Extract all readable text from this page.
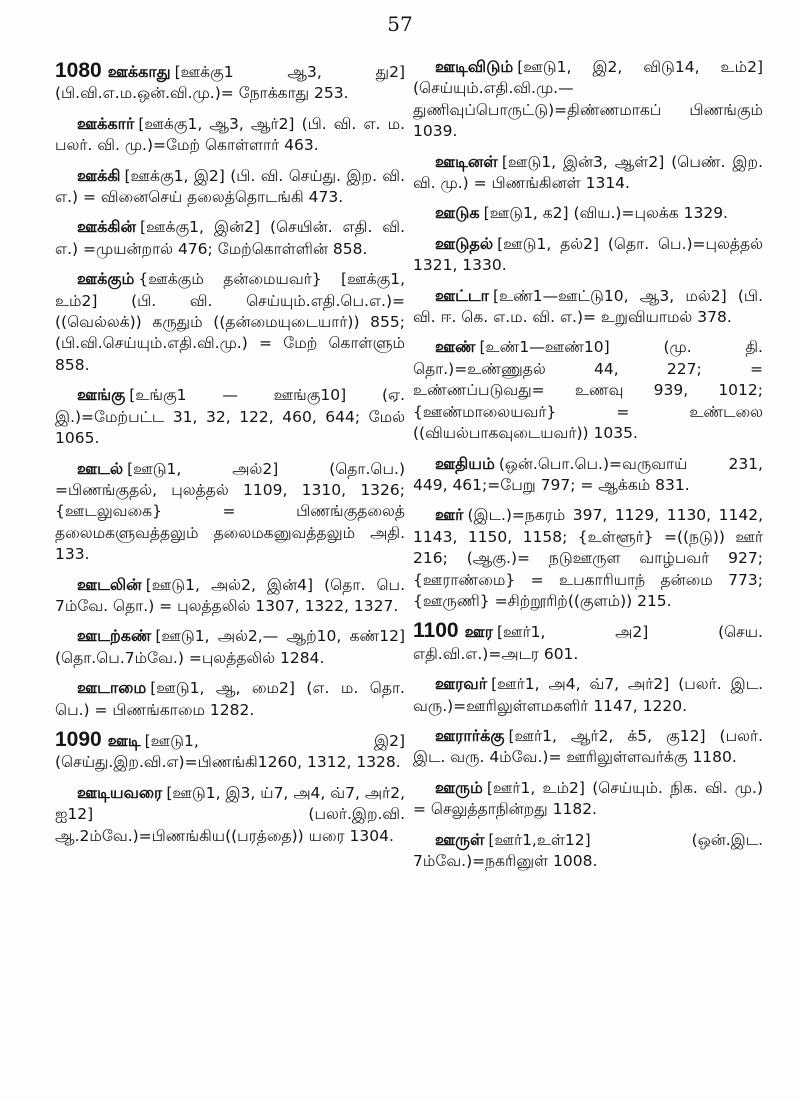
57

1080 ஊக்காது [ஊக்கு1 ஆ3, து2] (பி.வி.எ.ம.ஒன்.வி.மு.)= நோக்காது 253.

ஊக்கார் [ஊக்கு1, ஆ3, ஆர்2] (பி. வி. எ. ம. பலர். வி. மு.)=மேற் கொள்ளார் 463.

ஊக்கி [ஊக்கு1, இ2] (பி. வி. செய்து. இற. வி. எ.) = வினைசெய் தலைத்தொடங்கி 473.

ஊக்கின் [ஊக்கு1, இன்2] (செயின். எதி. வி. எ.) =முயன்றால் 476; மேற்கொள்ளின் 858.

ஊக்கும் {ஊக்கும் தன்மையவர்} [ஊக்கு1, உம்2] (பி. வி. செய்யும்.எதி.பெ.எ.)=((வெல்லக்)) கருதும் ((தன்மையுடையார்)) 855; (பி.வி.செய்யும்.எதி.வி.மு.) = மேற் கொள்ளும் 858.

ஊங்கு [உங்கு1 — ஊங்கு10] (ஏ. இ.)=மேற்பட்ட 31, 32, 122, 460, 644; மேல் 1065.

ஊடல் [ஊடு1, அல்2] (தொ.பெ.) =பிணங்குதல், புலத்தல் 1109, 1310, 1326; {ஊடலுவகை} = பிணங்குதலைத் தலைமகளுவத்தலும் தலைமகனுவத்தலும் அதி. 133.

ஊடலின் [ஊடு1, அல்2, இன்4] (தொ. பெ. 7ம்வே. தொ.) = புலத்தலில் 1307, 1322, 1327.

ஊடற்கண் [ஊடு1, அல்2,— ஆற்10, கண்12] (தொ.பெ.7ம்வே.) =புலத்தலில் 1284.

ஊடாமை [ஊடு1, ஆ, மை2] (எ. ம. தொ. பெ.) = பிணங்காமை 1282.

1090 ஊடி [ஊடு1, இ2] (செய்து.இற.வி.எ)=பிணங்கி1260, 1312, 1328.

ஊடியவரை [ஊடு1, இ3, ய்7, அ4, வ்7, அர்2, ஐ12] (பலர்.இற.வி. ஆ.2ம்வே.)=பிணங்கிய((பரத்தை)) யரை 1304.

ஊடிவிடும் [ஊடு1, இ2, விடு14, உம்2] (செய்யும்.எதி.வி.மு.—துணிவுப்பொருட்டு)=திண்ணமாகப் பிணங்கும் 1039.

ஊடினள் [ஊடு1, இன்3, ஆள்2] (பெண். இற. வி. மு.) = பிணங்கினள் 1314.

ஊடுக [ஊடு1, க2] (விய.)=புலக்க 1329.

ஊடுதல் [ஊடு1, தல்2] (தொ. பெ.)=புலத்தல் 1321, 1330.

ஊட்டா [உண்1—ஊட்டு10, ஆ3, மல்2] (பி. வி. ஈ. கெ. எ.ம. வி. எ.)= உறுவியாமல் 378.

ஊண் [உண்1—ஊண்10] (மு. தி. தொ.)=உண்ணுதல் 44, 227; = உண்ணப்படுவது= உணவு 939, 1012; {ஊண்மாலையவர்} = உண்டலை ((வியல்பாகவுடையவர்)) 1035.

ஊதியம் (ஒன்.பொ.பெ.)=வருவாய் 231, 449, 461;=பேறு 797; = ஆக்கம் 831.

ஊர் (இட.)=நகரம் 397, 1129, 1130, 1142, 1143, 1150, 1158; {உள்ளூர்} =((நடு)) ஊர் 216; (ஆகு.)= நடுஊருள வாழ்பவர் 927; {ஊராண்மை} = உபகாரியாந் தன்மை 773; {ஊருணி} =சிற்றூரிற்((குளம்)) 215.

1100 ஊர [ஊர்1, அ2] (செய. எதி.வி.எ.)=அடர 601.

ஊரவர் [ஊர்1, அ4, வ்7, அர்2] (பலர். இட. வரு.)=ஊரிலுள்ளமகளிர் 1147, 1220.

ஊரார்க்கு [ஊர்1, ஆர்2, க்5, கு12] (பலர். இட. வரு. 4ம்வே.)= ஊரிலுள்ளவர்க்கு 1180.

ஊரும் [ஊர்1, உம்2] (செய்யும். நிக. வி. மு.) = செலுத்தாநின்றது 1182.

ஊருள் [ஊர்1,உள்12] (ஒன்.இட. 7ம்வே.)=நகரினுள் 1008.
